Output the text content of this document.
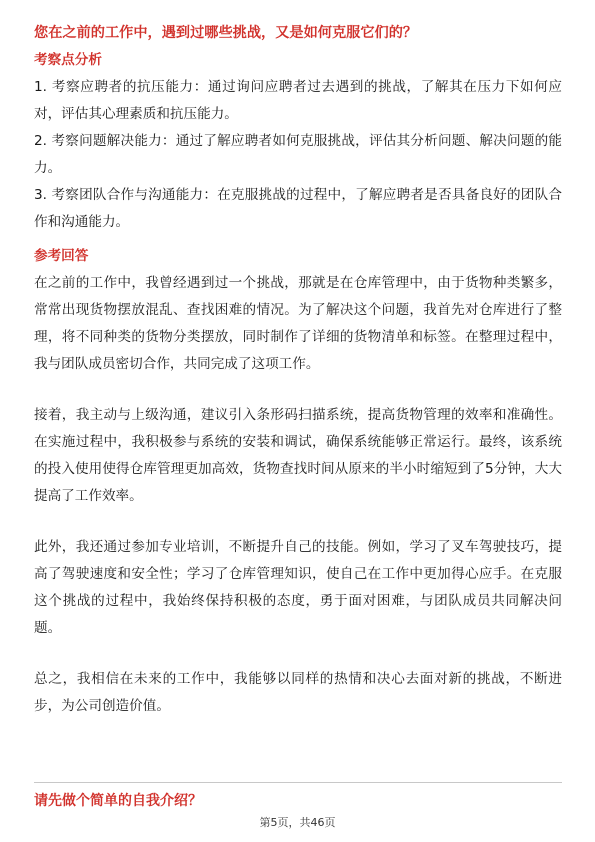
您在之前的工作中，遇到过哪些挑战，又是如何克服它们的？
考察点分析

1. 考察应聘者的抗压能力：通过询问应聘者过去遇到的挑战，了解其在压力下如何应对，评估其心理素质和抗压能力。

2. 考察问题解决能力：通过了解应聘者如何克服挑战，评估其分析问题、解决问题的能力。

3. 考察团队合作与沟通能力：在克服挑战的过程中，了解应聘者是否具备良好的团队合作和沟通能力。

参考回答

在之前的工作中，我曾经遇到过一个挑战，那就是在仓库管理中，由于货物种类繁多，常常出现货物摆放混乱、查找困难的情况。为了解决这个问题，我首先对仓库进行了整理，将不同种类的货物分类摆放，同时制作了详细的货物清单和标签。在整理过程中，我与团队成员密切合作，共同完成了这项工作。

接着，我主动与上级沟通，建议引入条形码扫描系统，提高货物管理的效率和准确性。在实施过程中，我积极参与系统的安装和调试，确保系统能够正常运行。最终，该系统的投入使用使得仓库管理更加高效，货物查找时间从原来的半小时缩短到了5分钟，大大提高了工作效率。

此外，我还通过参加专业培训，不断提升自己的技能。例如，学习了叉车驾驶技巧，提高了驾驶速度和安全性；学习了仓库管理知识，使自己在工作中更加得心应手。在克服这个挑战的过程中，我始终保持积极的态度，勇于面对困难，与团队成员共同解决问题。

总之，我相信在未来的工作中，我能够以同样的热情和决心去面对新的挑战，不断进步，为公司创造价值。

请先做个简单的自我介绍？
第5页，共46页
